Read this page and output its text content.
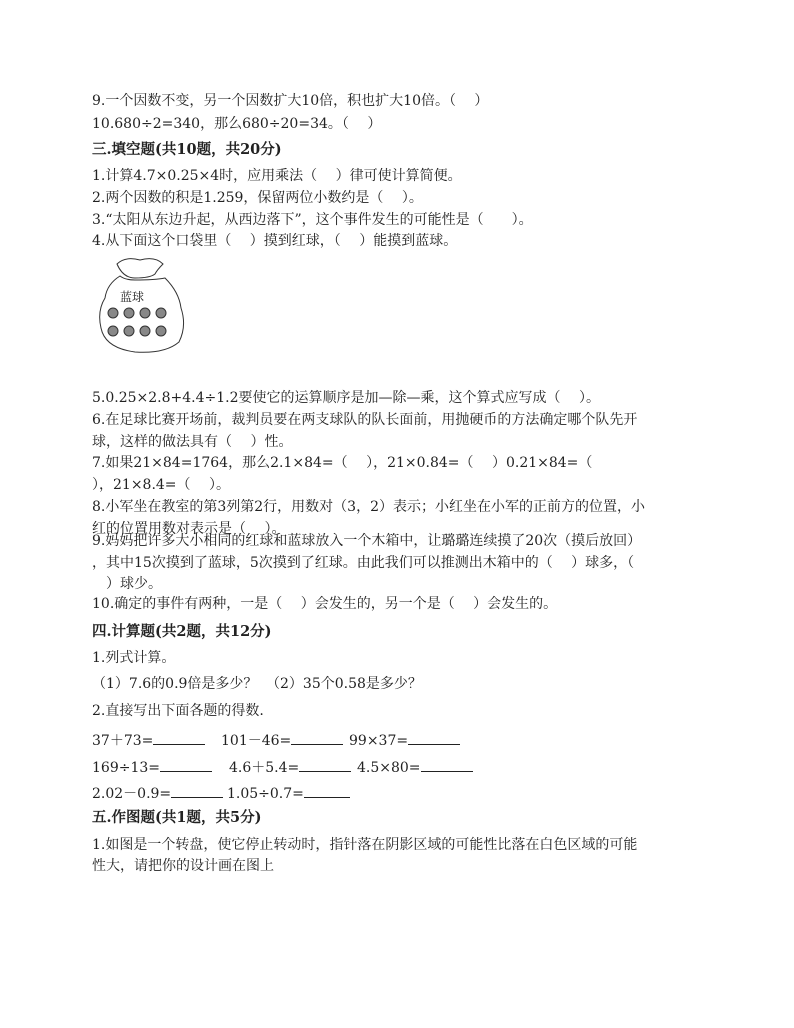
9.一个因数不变，另一个因数扩大10倍，积也扩大10倍。（　 ）
10.680÷2=340，那么680÷20=34。（　 ）
三.填空题(共10题，共20分)
1.计算4.7×0.25×4时，应用乘法（　 ）律可使计算简便。
2.两个因数的积是1.259，保留两位小数约是（　 ）。
3.“太阳从东边升起，从西边落下”，这个事件发生的可能性是（　　）。
4.从下面这个口袋里（　 ）摸到红球，（　 ）能摸到蓝球。
蓝球
5.0.25×2.8+4.4÷1.2要使它的运算顺序是加—除—乘，这个算式应写成（　 ）。
6.在足球比赛开场前，裁判员要在两支球队的队长面前，用抛硬币的方法确定哪个队先开
球，这样的做法具有（　 ）性。
7.如果21×84=1764，那么2.1×84=（　 ），21×0.84=（　 ）0.21×84=（
），21×8.4=（　 ）。
8.小军坐在教室的第3列第2行，用数对（3，2）表示；小红坐在小军的正前方的位置，小
红的位置用数对表示是（　 ）。
9.妈妈把许多大小相同的红球和蓝球放入一个木箱中，让璐璐连续摸了20次（摸后放回）
，其中15次摸到了蓝球，5次摸到了红球。由此我们可以推测出木箱中的（　 ）球多，（
　）球少。
10.确定的事件有两种，一是（　 ）会发生的，另一个是（　 ）会发生的。
四.计算题(共2题，共12分)
1.列式计算。
（1）7.6的0.9倍是多少？ （2）35个0.58是多少？
2.直接写出下面各题的得数.
37＋73=	101－46=	99×37=
169÷13=	4.6＋5.4=	4.5×80=
2.02－0.9=	1.05÷0.7=
五.作图题(共1题，共5分)
1.如图是一个转盘，使它停止转动时，指针落在阴影区域的可能性比落在白色区域的可能
性大，请把你的设计画在图上
